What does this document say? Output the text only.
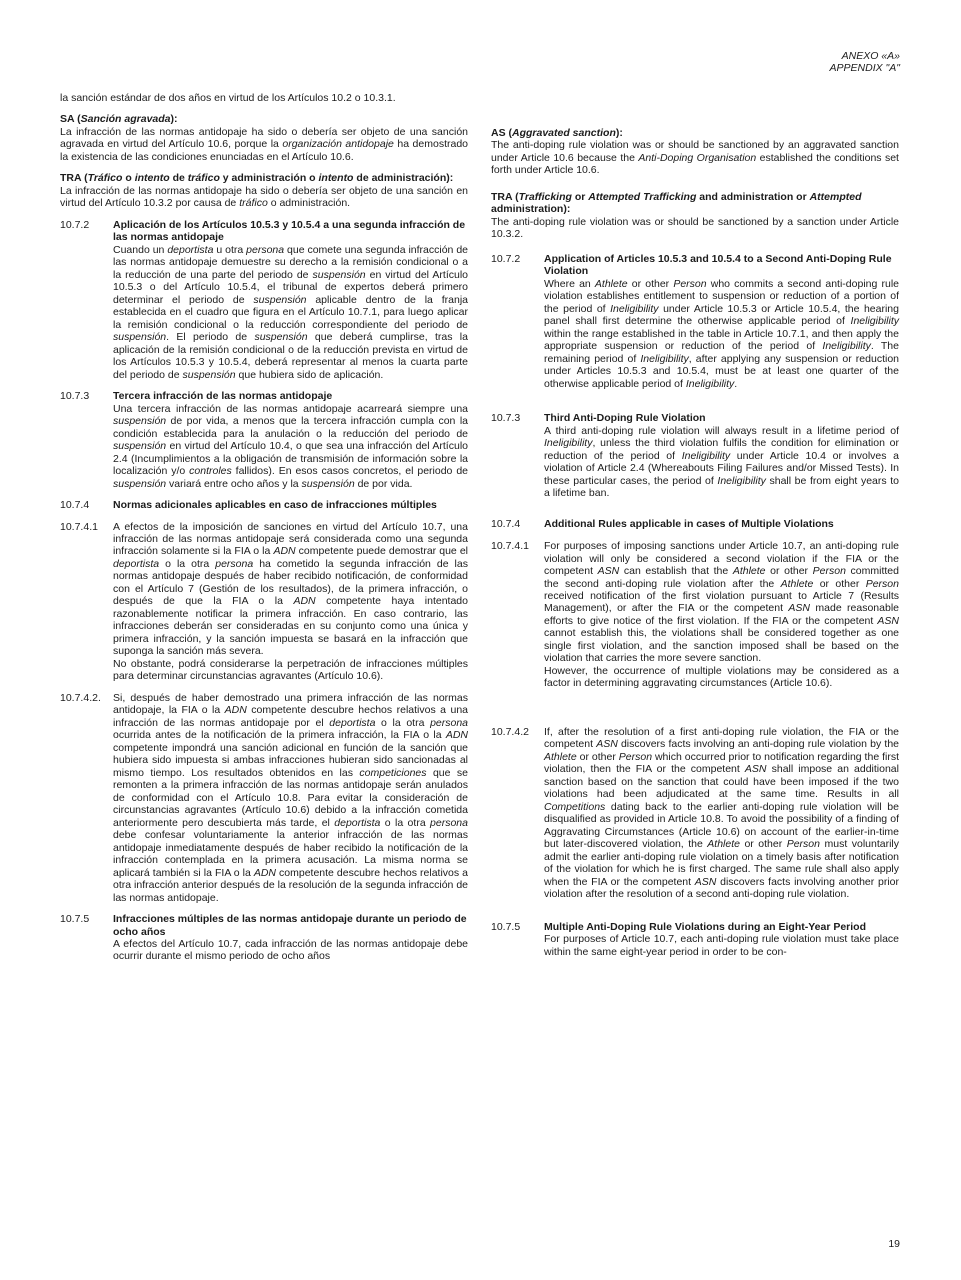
ANEXO «A»
APPENDIX "A"

la sanción estándar de dos años en virtud de los Artículos 10.2 o 10.3.1.

SA (Sanción agravada):

La infracción de las normas antidopaje ha sido o debería ser objeto de una sanción agravada en virtud del Artículo 10.6, porque la organización antidopaje ha demostrado la existencia de las condiciones enunciadas en el Artículo 10.6.

TRA (Tráfico o intento de tráfico y administración o intento de administración):

La infracción de las normas antidopaje ha sido o debería ser objeto de una sanción en virtud del Artículo 10.3.2 por causa de tráfico o administración.

10.7.2	Aplicación de los Artículos 10.5.3 y 10.5.4 a una segunda infracción de las normas antidopaje

Cuando un deportista u otra persona que comete una segunda infracción de las normas antidopaje demuestre su derecho a la remisión condicional o a la reducción de una parte del periodo de suspensión en virtud del Artículo 10.5.3 o del Artículo 10.5.4, el tribunal de expertos deberá primero determinar el periodo de suspensión aplicable dentro de la franja establecida en el cuadro que figura en el Artículo 10.7.1, para luego aplicar la remisión condicional o la reducción correspondiente del periodo de suspensión. El periodo de suspensión que deberá cumplirse, tras la aplicación de la remisión condicional o de la reducción prevista en virtud de los Artículos 10.5.3 y 10.5.4, deberá representar al menos la cuarta parte del periodo de suspensión que hubiera sido de aplicación.

10.7.3	Tercera infracción de las normas antidopaje

Una tercera infracción de las normas antidopaje acarreará siempre una suspensión de por vida, a menos que la tercera infracción cumpla con la condición establecida para la anulación o la reducción del periodo de suspensión en virtud del Artículo 10.4, o que sea una infracción del Artículo 2.4 (Incumplimientos a la obligación de transmisión de información sobre la localización y/o controles fallidos). En esos casos concretos, el periodo de suspensión variará entre ocho años y la suspensión de por vida.

10.7.4	Normas adicionales aplicables en caso de infracciones múltiples
10.7.4.1	A efectos de la imposición de sanciones en virtud del Artículo 10.7, una infracción de las normas antidopaje será considerada como una segunda infracción solamente si la FIA o la ADN competente puede demostrar que el deportista o la otra persona ha cometido la segunda infracción de las normas antidopaje después de haber recibido notificación, de conformidad con el Artículo 7 (Gestión de los resultados), de la primera infracción, o después de que la FIA o la ADN competente haya intentado razonablemente notificar la primera infracción. En caso contrario, las infracciones deberán ser consideradas en su conjunto como una única y primera infracción, y la sanción impuesta se basará en la infracción que suponga la sanción más severa.

No obstante, podrá considerarse la perpetración de infracciones múltiples para determinar circunstancias agravantes (Artículo 10.6).

10.7.4.2.	Si, después de haber demostrado una primera infracción de las normas antidopaje, la FIA o la ADN competente descubre hechos relativos a una infracción de las normas antidopaje por el deportista o la otra persona ocurrida antes de la notificación de la primera infracción, la FIA o la ADN competente impondrá una sanción adicional en función de la sanción que hubiera sido impuesta si ambas infracciones hubieran sido sancionadas al mismo tiempo. Los resultados obtenidos en las competiciones que se remonten a la primera infracción de las normas antidopaje serán anulados de conformidad con el Artículo 10.8. Para evitar la consideración de circunstancias agravantes (Artículo 10.6) debido a la infracción cometida anteriormente pero descubierta más tarde, el deportista o la otra persona debe confesar voluntariamente la anterior infracción de las normas antidopaje inmediatamente después de haber recibido la notificación de la infracción contemplada en la primera acusación. La misma norma se aplicará también si la FIA o la ADN competente descubre hechos relativos a otra infracción anterior después de la resolución de la segunda infracción de las normas antidopaje.

10.7.5	Infracciones múltiples de las normas antidopaje durante un periodo de ocho años

A efectos del Artículo 10.7, cada infracción de las normas antidopaje debe ocurrir durante el mismo periodo de ocho años

AS (Aggravated sanction):

The anti-doping rule violation was or should be sanctioned by an aggravated sanction under Article 10.6 because the Anti-Doping Organisation established the conditions set forth under Article 10.6.

TRA (Trafficking or Attempted Trafficking and administration or Attempted administration):

The anti-doping rule violation was or should be sanctioned by a sanction under Article 10.3.2.

10.7.2	Application of Articles 10.5.3 and 10.5.4 to a Second Anti-Doping Rule Violation

Where an Athlete or other Person who commits a second anti-doping rule violation establishes entitlement to suspension or reduction of a portion of the period of Ineligibility under Article 10.5.3 or Article 10.5.4, the hearing panel shall first determine the otherwise applicable period of Ineligibility within the range established in the table in Article 10.7.1, and then apply the appropriate suspension or reduction of the period of Ineligibility. The remaining period of Ineligibility, after applying any suspension or reduction under Articles 10.5.3 and 10.5.4, must be at least one quarter of the otherwise applicable period of Ineligibility.

10.7.3	Third Anti-Doping Rule Violation

A third anti-doping rule violation will always result in a lifetime period of Ineligibility, unless the third violation fulfils the condition for elimination or reduction of the period of Ineligibility under Article 10.4 or involves a violation of Article 2.4 (Whereabouts Filing Failures and/or Missed Tests). In these particular cases, the period of Ineligibility shall be from eight years to a lifetime ban.

10.7.4	Additional Rules applicable in cases of Multiple Violations
10.7.4.1	For purposes of imposing sanctions under Article 10.7, an anti-doping rule violation will only be considered a second violation if the FIA or the competent ASN can establish that the Athlete or other Person committed the second anti-doping rule violation after the Athlete or other Person received notification of the first violation pursuant to Article 7 (Results Management), or after the FIA or the competent ASN made reasonable efforts to give notice of the first violation. If the FIA or the competent ASN cannot establish this, the violations shall be considered together as one single first violation, and the sanction imposed shall be based on the violation that carries the more severe sanction.

However, the occurrence of multiple violations may be considered as a factor in determining aggravating circumstances (Article 10.6).

10.7.4.2	If, after the resolution of a first anti-doping rule violation, the FIA or the competent ASN discovers facts involving an anti-doping rule violation by the Athlete or other Person which occurred prior to notification regarding the first violation, then the FIA or the competent ASN shall impose an additional sanction based on the sanction that could have been imposed if the two violations had been adjudicated at the same time. Results in all Competitions dating back to the earlier anti-doping rule violation will be disqualified as provided in Article 10.8. To avoid the possibility of a finding of Aggravating Circumstances (Article 10.6) on account of the earlier-in-time but later-discovered violation, the Athlete or other Person must voluntarily admit the earlier anti-doping rule violation on a timely basis after notification of the violation for which he is first charged. The same rule shall also apply when the FIA or the competent ASN discovers facts involving another prior violation after the resolution of a second anti-doping rule violation.

10.7.5	Multiple Anti-Doping Rule Violations during an Eight-Year Period

For purposes of Article 10.7, each anti-doping rule violation must take place within the same eight-year period in order to be con-

19
